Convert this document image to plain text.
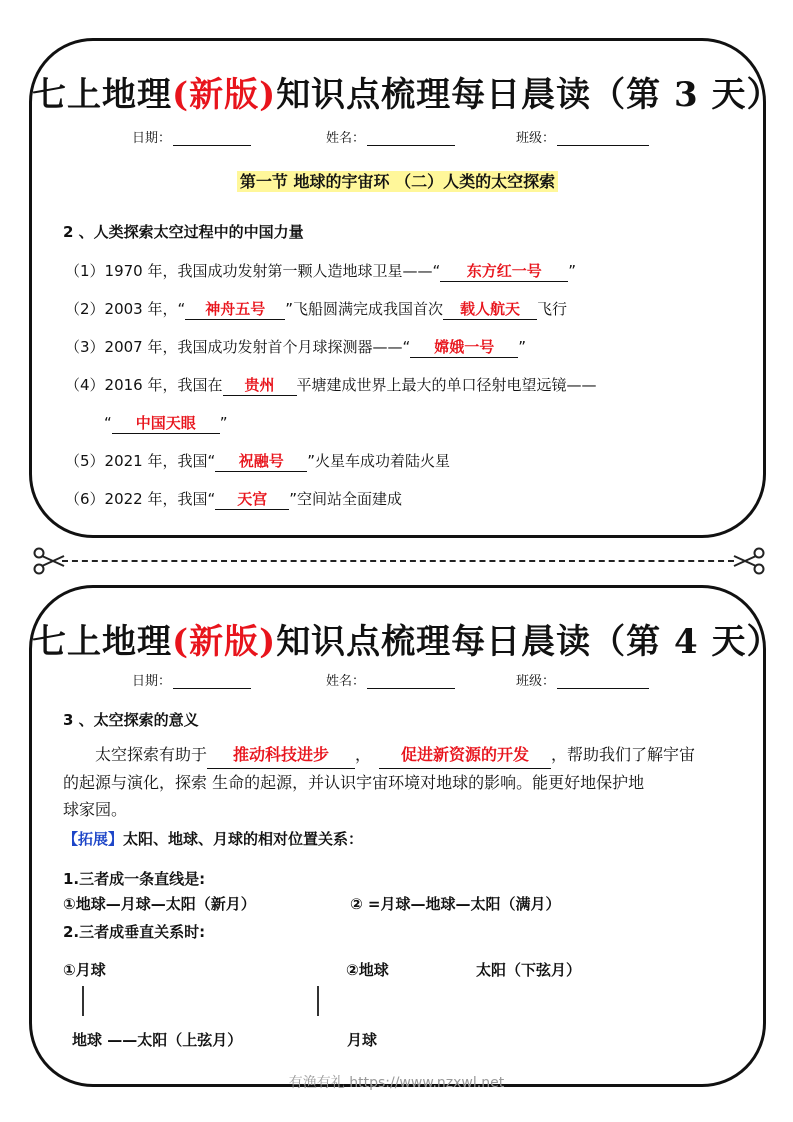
七上地理(新版)知识点梳理每日晨读（第 3 天）
日期：	姓名：	班级：
第一节 地球的宇宙环 （二）人类的太空探索
2 、人类探索太空过程中的中国力量
（1）1970 年，我国成功发射第一颗人造地球卫星——“ 东方红一号 ”
（2）2003 年，“ 神舟五号 ”飞船圆满完成我国首次 载人航天 飞行
（3）2007 年，我国成功发射首个月球探测器——“ 嫦娥一号 ”
（4）2016 年，我国在 贵州 平塘建成世界上最大的单口径射电望远镜——
“ 中国天眼 ”
（5）2021 年，我国“ 祝融号 ”火星车成功着陆火星
（6）2022 年，我国“ 天宫 ”空间站全面建成
七上地理(新版)知识点梳理每日晨读（第 4 天）
日期：	姓名：	班级：
3 、太空探索的意义
太空探索有助于 推动科技进步 ， 促进新资源的开发 ，帮助我们了解宇宙
的起源与演化，探索 生命的起源，并认识宇宙环境对地球的影响。能更好地保护地
球家园。
【拓展】太阳、地球、月球的相对位置关系：
1.三者成一条直线是:
①地球—月球—太阳（新月）	② =月球—地球—太阳（满月）
2.三者成垂直关系时:
①月球
地球 ——太阳（上弦月）
②地球	太阳（下弦月）
月球
有渔有礼 https://www.nzxwl.net
